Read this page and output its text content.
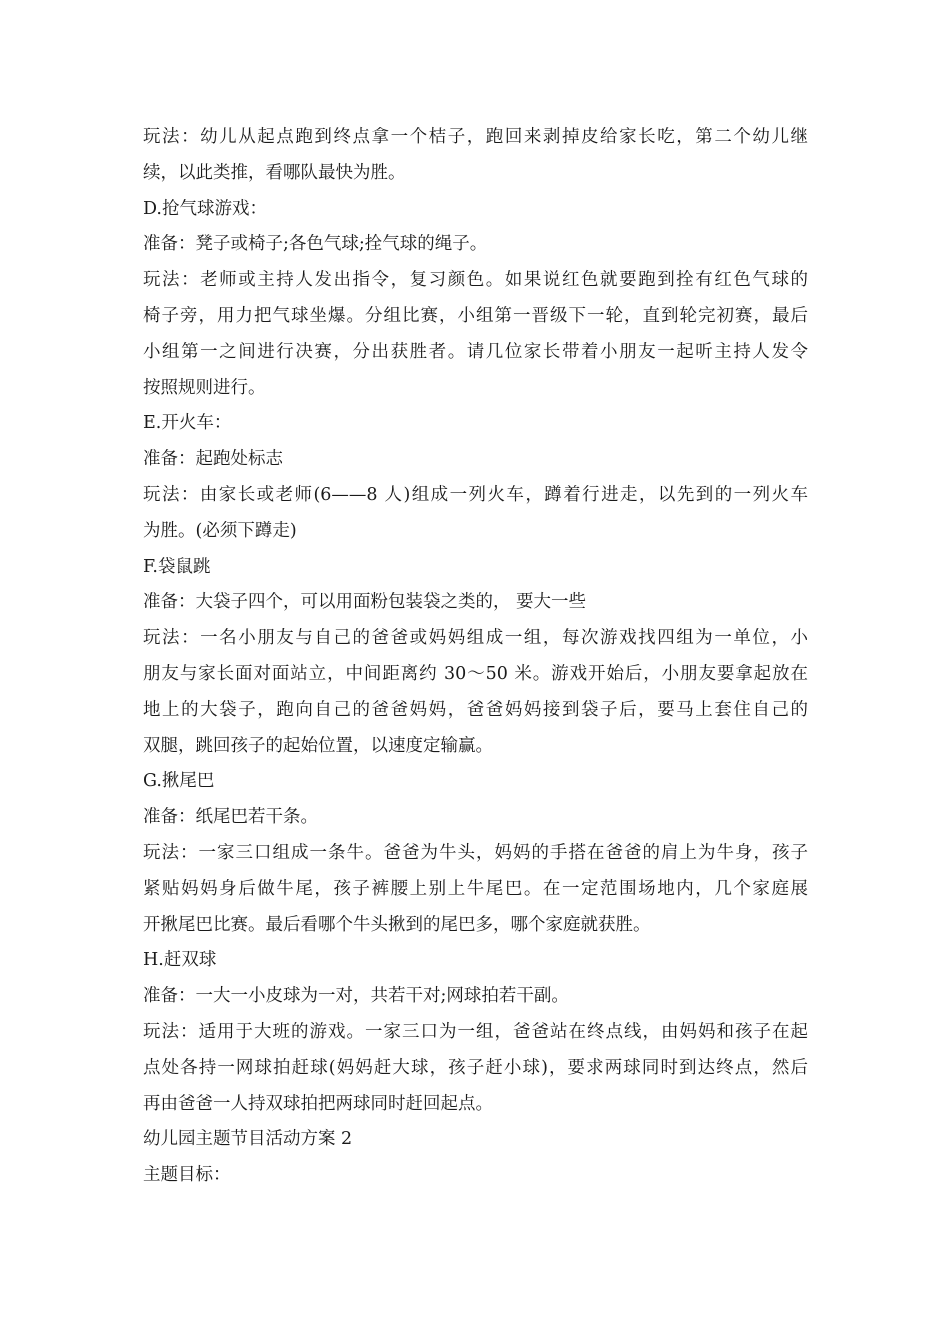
玩法：幼儿从起点跑到终点拿一个桔子，跑回来剥掉皮给家长吃，第二个幼儿继
续，以此类推，看哪队最快为胜。
D.抢气球游戏：
准备：凳子或椅子;各色气球;拴气球的绳子。
玩法：老师或主持人发出指令，复习颜色。如果说红色就要跑到拴有红色气球的
椅子旁，用力把气球坐爆。分组比赛，小组第一晋级下一轮，直到轮完初赛，最后
小组第一之间进行决赛，分出获胜者。请几位家长带着小朋友一起听主持人发令
按照规则进行。
E.开火车：
准备：起跑处标志
玩法：由家长或老师(6——8 人)组成一列火车，蹲着行进走，以先到的一列火车
为胜。(必须下蹲走)
F.袋鼠跳
准备：大袋子四个，可以用面粉包装袋之类的， 要大一些
玩法：一名小朋友与自己的爸爸或妈妈组成一组，每次游戏找四组为一单位，小
朋友与家长面对面站立，中间距离约 30～50 米。游戏开始后，小朋友要拿起放在
地上的大袋子，跑向自己的爸爸妈妈，爸爸妈妈接到袋子后，要马上套住自己的
双腿，跳回孩子的起始位置，以速度定输赢。
G.揪尾巴
准备：纸尾巴若干条。
玩法：一家三口组成一条牛。爸爸为牛头，妈妈的手搭在爸爸的肩上为牛身，孩子
紧贴妈妈身后做牛尾，孩子裤腰上别上牛尾巴。在一定范围场地内，几个家庭展
开揪尾巴比赛。最后看哪个牛头揪到的尾巴多，哪个家庭就获胜。
H.赶双球
准备：一大一小皮球为一对，共若干对;网球拍若干副。
玩法：适用于大班的游戏。一家三口为一组，爸爸站在终点线，由妈妈和孩子在起
点处各持一网球拍赶球(妈妈赶大球，孩子赶小球)，要求两球同时到达终点，然后
再由爸爸一人持双球拍把两球同时赶回起点。
幼儿园主题节目活动方案 2
主题目标：
